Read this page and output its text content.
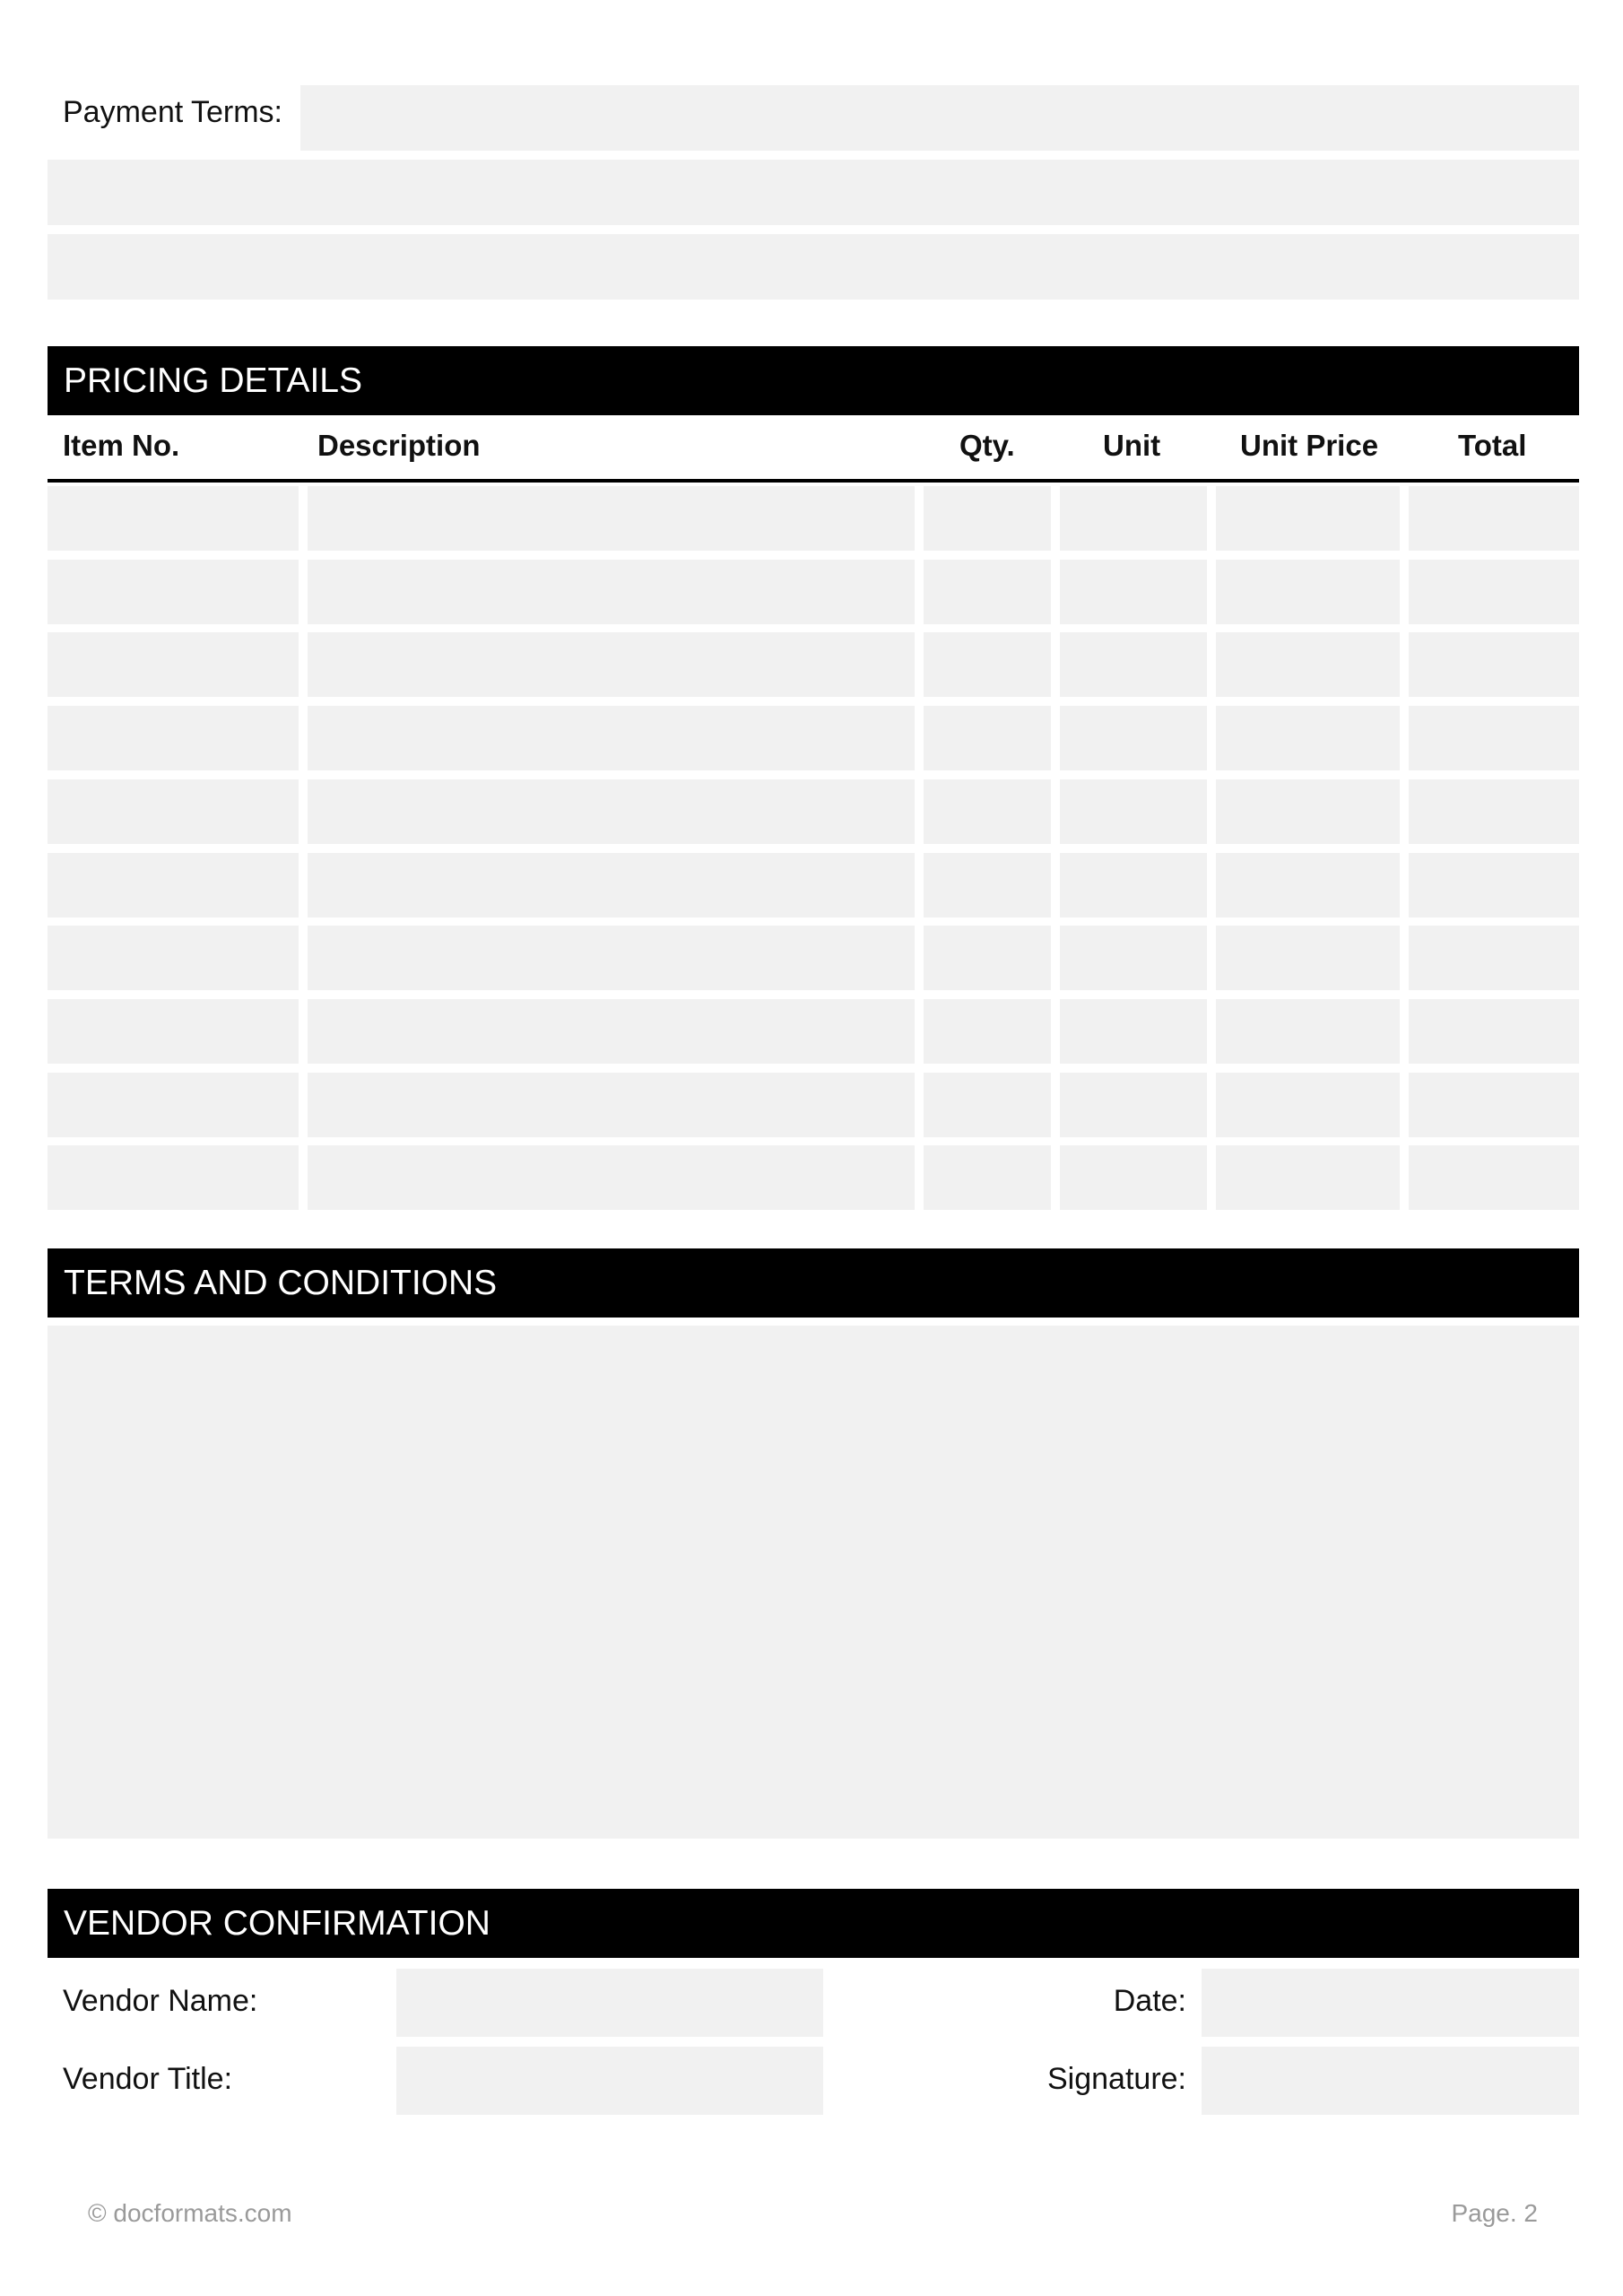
Payment Terms:
PRICING DETAILS
Item No.	Description	Qty.	Unit	Unit Price	Total
TERMS AND CONDITIONS
VENDOR CONFIRMATION
Vendor Name:	Date:
Vendor Title:	Signature:
© docformats.com	Page. 2
